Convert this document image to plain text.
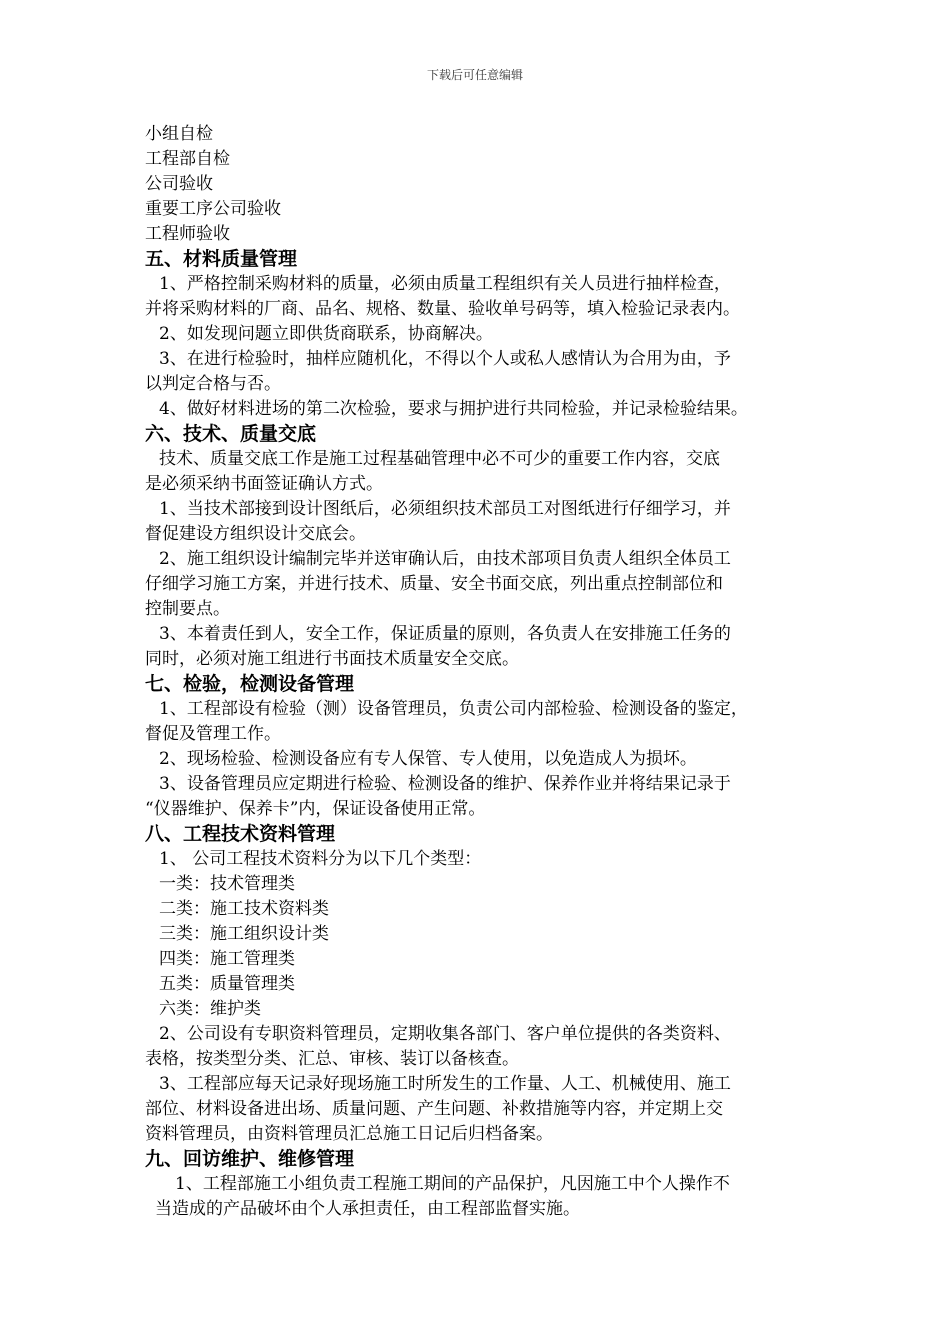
下载后可任意编辑
小组自检
工程部自检
公司验收
重要工序公司验收
工程师验收
五、材料质量管理
1、严格控制采购材料的质量，必须由质量工程组织有关人员进行抽样检查，
并将采购材料的厂商、品名、规格、数量、验收单号码等，填入检验记录表内。
2、如发现问题立即供货商联系，协商解决。
3、在进行检验时，抽样应随机化，不得以个人或私人感情认为合用为由，予
以判定合格与否。
4、做好材料进场的第二次检验，要求与拥护进行共同检验，并记录检验结果。
六、技术、质量交底
技术、质量交底工作是施工过程基础管理中必不可少的重要工作内容，交底
是必须采纳书面签证确认方式。
1、当技术部接到设计图纸后，必须组织技术部员工对图纸进行仔细学习，并
督促建设方组织设计交底会。
2、施工组织设计编制完毕并送审确认后，由技术部项目负责人组织全体员工
仔细学习施工方案，并进行技术、质量、安全书面交底，列出重点控制部位和
控制要点。
3、本着责任到人，安全工作，保证质量的原则，各负责人在安排施工任务的
同时，必须对施工组进行书面技术质量安全交底。
七、检验，检测设备管理
1、工程部设有检验（测）设备管理员，负责公司内部检验、检测设备的鉴定，
督促及管理工作。
2、现场检验、检测设备应有专人保管、专人使用，以免造成人为损坏。
3、设备管理员应定期进行检验、检测设备的维护、保养作业并将结果记录于
“仪器维护、保养卡”内，保证设备使用正常。
八、工程技术资料管理
1、 公司工程技术资料分为以下几个类型：
一类：技术管理类
二类：施工技术资料类
三类：施工组织设计类
四类：施工管理类
五类：质量管理类
六类：维护类
2、公司设有专职资料管理员，定期收集各部门、客户单位提供的各类资料、
表格，按类型分类、汇总、审核、装订以备核查。
3、工程部应每天记录好现场施工时所发生的工作量、人工、机械使用、施工
部位、材料设备进出场、质量问题、产生问题、补救措施等内容，并定期上交
资料管理员，由资料管理员汇总施工日记后归档备案。
九、回访维护、维修管理
1、工程部施工小组负责工程施工期间的产品保护，凡因施工中个人操作不
当造成的产品破坏由个人承担责任，由工程部监督实施。
